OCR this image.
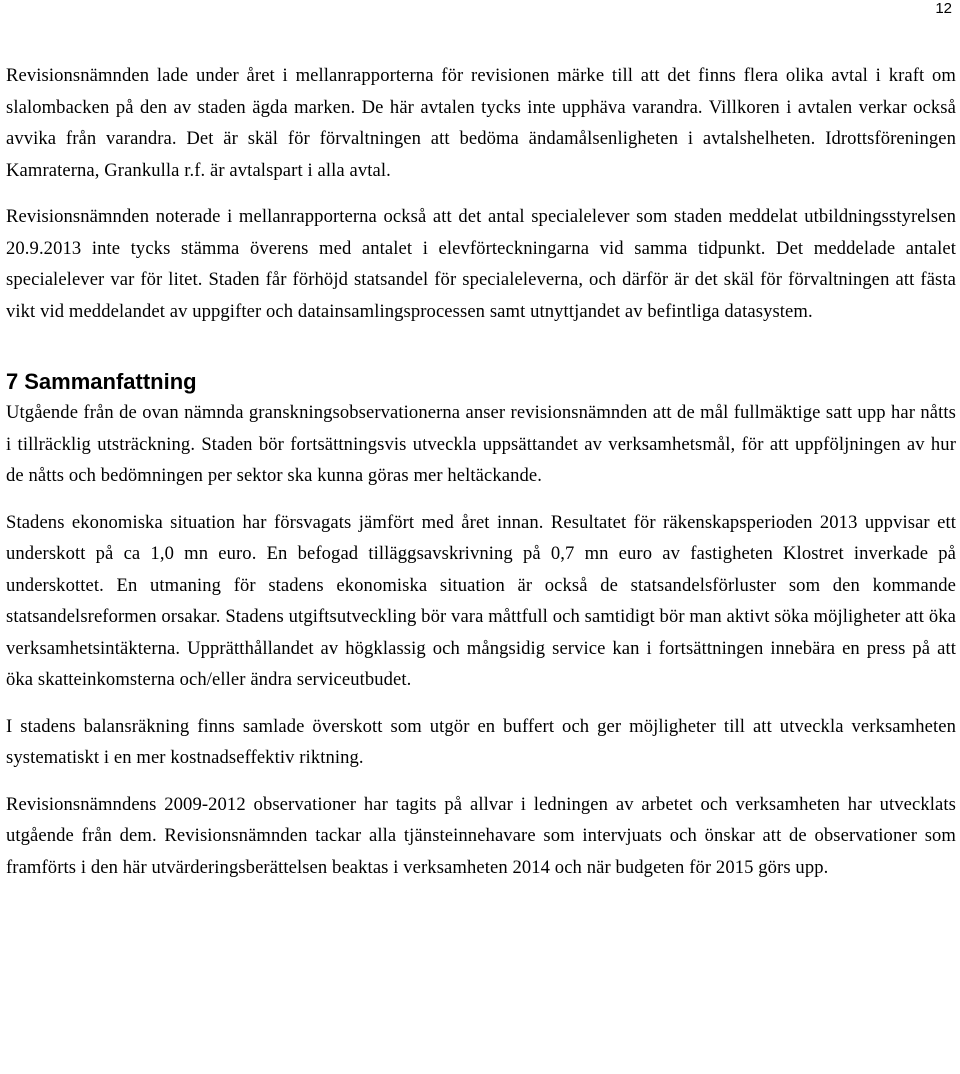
12

Revisionsnämnden lade under året i mellanrapporterna för revisionen märke till att det finns flera olika avtal i kraft om slalombacken på den av staden ägda marken. De här avtalen tycks inte upphäva varandra. Villkoren i avtalen verkar också avvika från varandra. Det är skäl för förvaltningen att bedöma ändamålsenligheten i avtalshelheten. Idrottsföreningen Kamraterna, Grankulla r.f. är avtalspart i alla avtal.

Revisionsnämnden noterade i mellanrapporterna också att det antal specialelever som staden meddelat utbildningsstyrelsen 20.9.2013 inte tycks stämma överens med antalet i elevförteckningarna vid samma tidpunkt. Det meddelade antalet specialelever var för litet. Staden får förhöjd statsandel för specialeleverna, och därför är det skäl för förvaltningen att fästa vikt vid meddelandet av uppgifter och datainsamlingsprocessen samt utnyttjandet av befintliga datasystem.

7 Sammanfattning

Utgående från de ovan nämnda granskningsobservationerna anser revisionsnämnden att de mål fullmäktige satt upp har nåtts i tillräcklig utsträckning. Staden bör fortsättningsvis utveckla uppsättandet av verksamhetsmål, för att uppföljningen av hur de nåtts och bedömningen per sektor ska kunna göras mer heltäckande.

Stadens ekonomiska situation har försvagats jämfört med året innan. Resultatet för räkenskapsperioden 2013 uppvisar ett underskott på ca 1,0 mn euro. En befogad tilläggsavskrivning på 0,7 mn euro av fastigheten Klostret inverkade på underskottet. En utmaning för stadens ekonomiska situation är också de statsandelsförluster som den kommande statsandelsreformen orsakar. Stadens utgiftsutveckling bör vara måttfull och samtidigt bör man aktivt söka möjligheter att öka verksamhetsintäkterna. Upprätthållandet av högklassig och mångsidig service kan i fortsättningen innebära en press på att öka skatteinkomsterna och/eller ändra serviceutbudet.

I stadens balansräkning finns samlade överskott som utgör en buffert och ger möjligheter till att utveckla verksamheten systematiskt i en mer kostnadseffektiv riktning.

Revisionsnämndens 2009-2012 observationer har tagits på allvar i ledningen av arbetet och verksamheten har utvecklats utgående från dem. Revisionsnämnden tackar alla tjänsteinnehavare som intervjuats och önskar att de observationer som framförts i den här utvärderingsberättelsen beaktas i verksamheten 2014 och när budgeten för 2015 görs upp.
